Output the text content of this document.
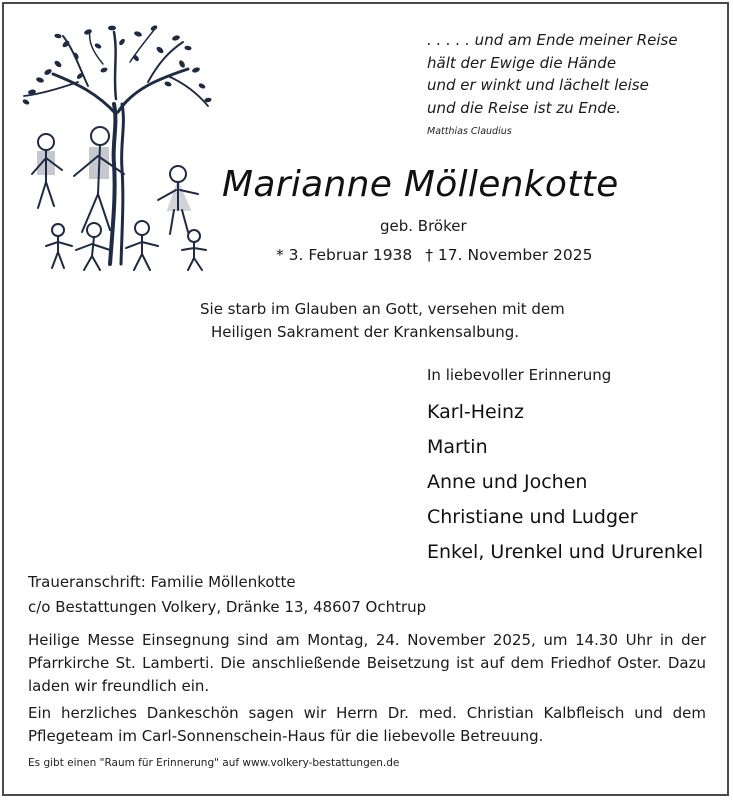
. . . . . und am Ende meiner Reise
hält der Ewige die Hände
und er winkt und lächelt leise
und die Reise ist zu Ende.
Matthias Claudius
Marianne Möllenkotte
geb. Bröker
* 3. Februar 1938 † 17. November 2025
Sie starb im Glauben an Gott, versehen mit dem
Heiligen Sakrament der Krankensalbung.
In liebevoller Erinnerung
Karl-Heinz
Martin
Anne und Jochen
Christiane und Ludger
Enkel, Urenkel und Ururenkel
Traueranschrift: Familie Möllenkotte
c/o Bestattungen Volkery, Dränke 13, 48607 Ochtrup
Heilige Messe Einsegnung sind am Montag, 24. November 2025, um 14.30 Uhr in der Pfarrkirche St. Lamberti. Die anschließende Beisetzung ist auf dem Friedhof Oster. Dazu laden wir freundlich ein.
Ein herzliches Dankeschön sagen wir Herrn Dr. med. Christian Kalbfleisch und dem Pflegeteam im Carl-Sonnenschein-Haus für die liebevolle Betreuung.
Es gibt einen "Raum für Erinnerung" auf www.volkery-bestattungen.de
